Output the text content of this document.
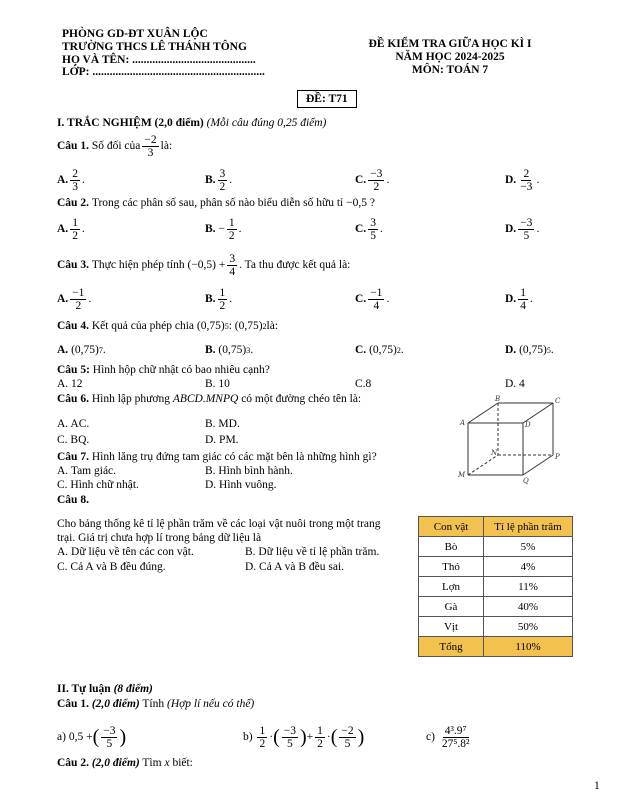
PHÒNG GD-ĐT XUÂN LỘC
TRƯỜNG THCS LÊ THÁNH TÔNG
HỌ VÀ TÊN: ...........................................
LỚP: ............................................................
ĐỀ KIỂM TRA GIỮA HỌC KÌ I
NĂM HỌC 2024-2025
MÔN: TOÁN 7
ĐỀ: T71
I. TRẮC NGHIỆM (2,0 điểm) (Mỗi câu đúng 0,25 điểm)
Câu 1.
Số đối của $\frac{-2}{3}$ là:
A. $\frac{2}{3}$ .	B. $\frac{3}{2}$ .	C. $\frac{-3}{2}$ .	D. $\frac{2}{-3}$ .
Câu 2.
Trong các phân số sau, phân số nào biểu diễn số hữu tỉ −0,5 ?
A. $\frac{1}{2}$ .	B.
− $\frac{1}{2}$ .	C. $\frac{3}{5}$ .	D. $\frac{-3}{5}$ .
Câu 3.
Thực hiện phép tính $(-0,5) + \frac{3}{4}$ . Ta thu được kết quả là:
A. $\frac{-1}{2}$ .	B. $\frac{1}{2}$ .	C. $\frac{-1}{4}$ .	D. $\frac{1}{4}$ .
Câu 4.
Kết quả của phép chia
(0,75) 5 : (0,75) 2 là:
A.
(0,75) 7 .	B.
(0,75) 3 .	C.
(0,75) 2 .	D.
(0,75) 5 .
Câu 5:
Hình hộp chữ nhật có bao nhiêu cạnh?
A. 12	B. 10	C.8	D. 4
Câu 6.
Hình lập phương
ABCD.MNPQ
có một đường chéo tên là:
A. AC.	B. MD.
C. BQ.	D. PM.
B	C
A	D
N	P
M
Q
Câu 7.
Hình lăng trụ đứng tam giác có các mặt bên là những hình gì?
A. Tam giác.	B. Hình bình hành.
C. Hình chữ nhật.	D. Hình vuông.
Câu 8.
Cho bảng thống kê tỉ lệ phần trăm về các loại vật nuôi trong một trang
trại. Giá trị chưa hợp lí trong bảng dữ liệu là
A. Dữ liệu về tên các con vật.	B. Dữ liệu về tỉ lệ phần trăm.
C. Cả A và B đều đúng.	D. Cả A và B đều sai.
Con vật	Tỉ lệ phần trăm
Bò	5%
Thỏ	4%
Lợn	11%
Gà	40%
Vịt	50%
Tổng	110%
II. Tự luận (8 điểm)
Câu 1. (2,0 điểm) Tính (Hợp lí nếu có thể)
a)
0,5 + ( $\frac{-3}{5}$ )	b)
$\frac{1}{2}$ · ( $\frac{-3}{5}$ ) + $\frac{1}{2}$ · ( $\frac{-2}{5}$ )	c)
$\frac{\text{4³.9⁷}}{\text{27⁵.8²}}$
Câu 2. (2,0 điểm) Tìm x biết:
1
